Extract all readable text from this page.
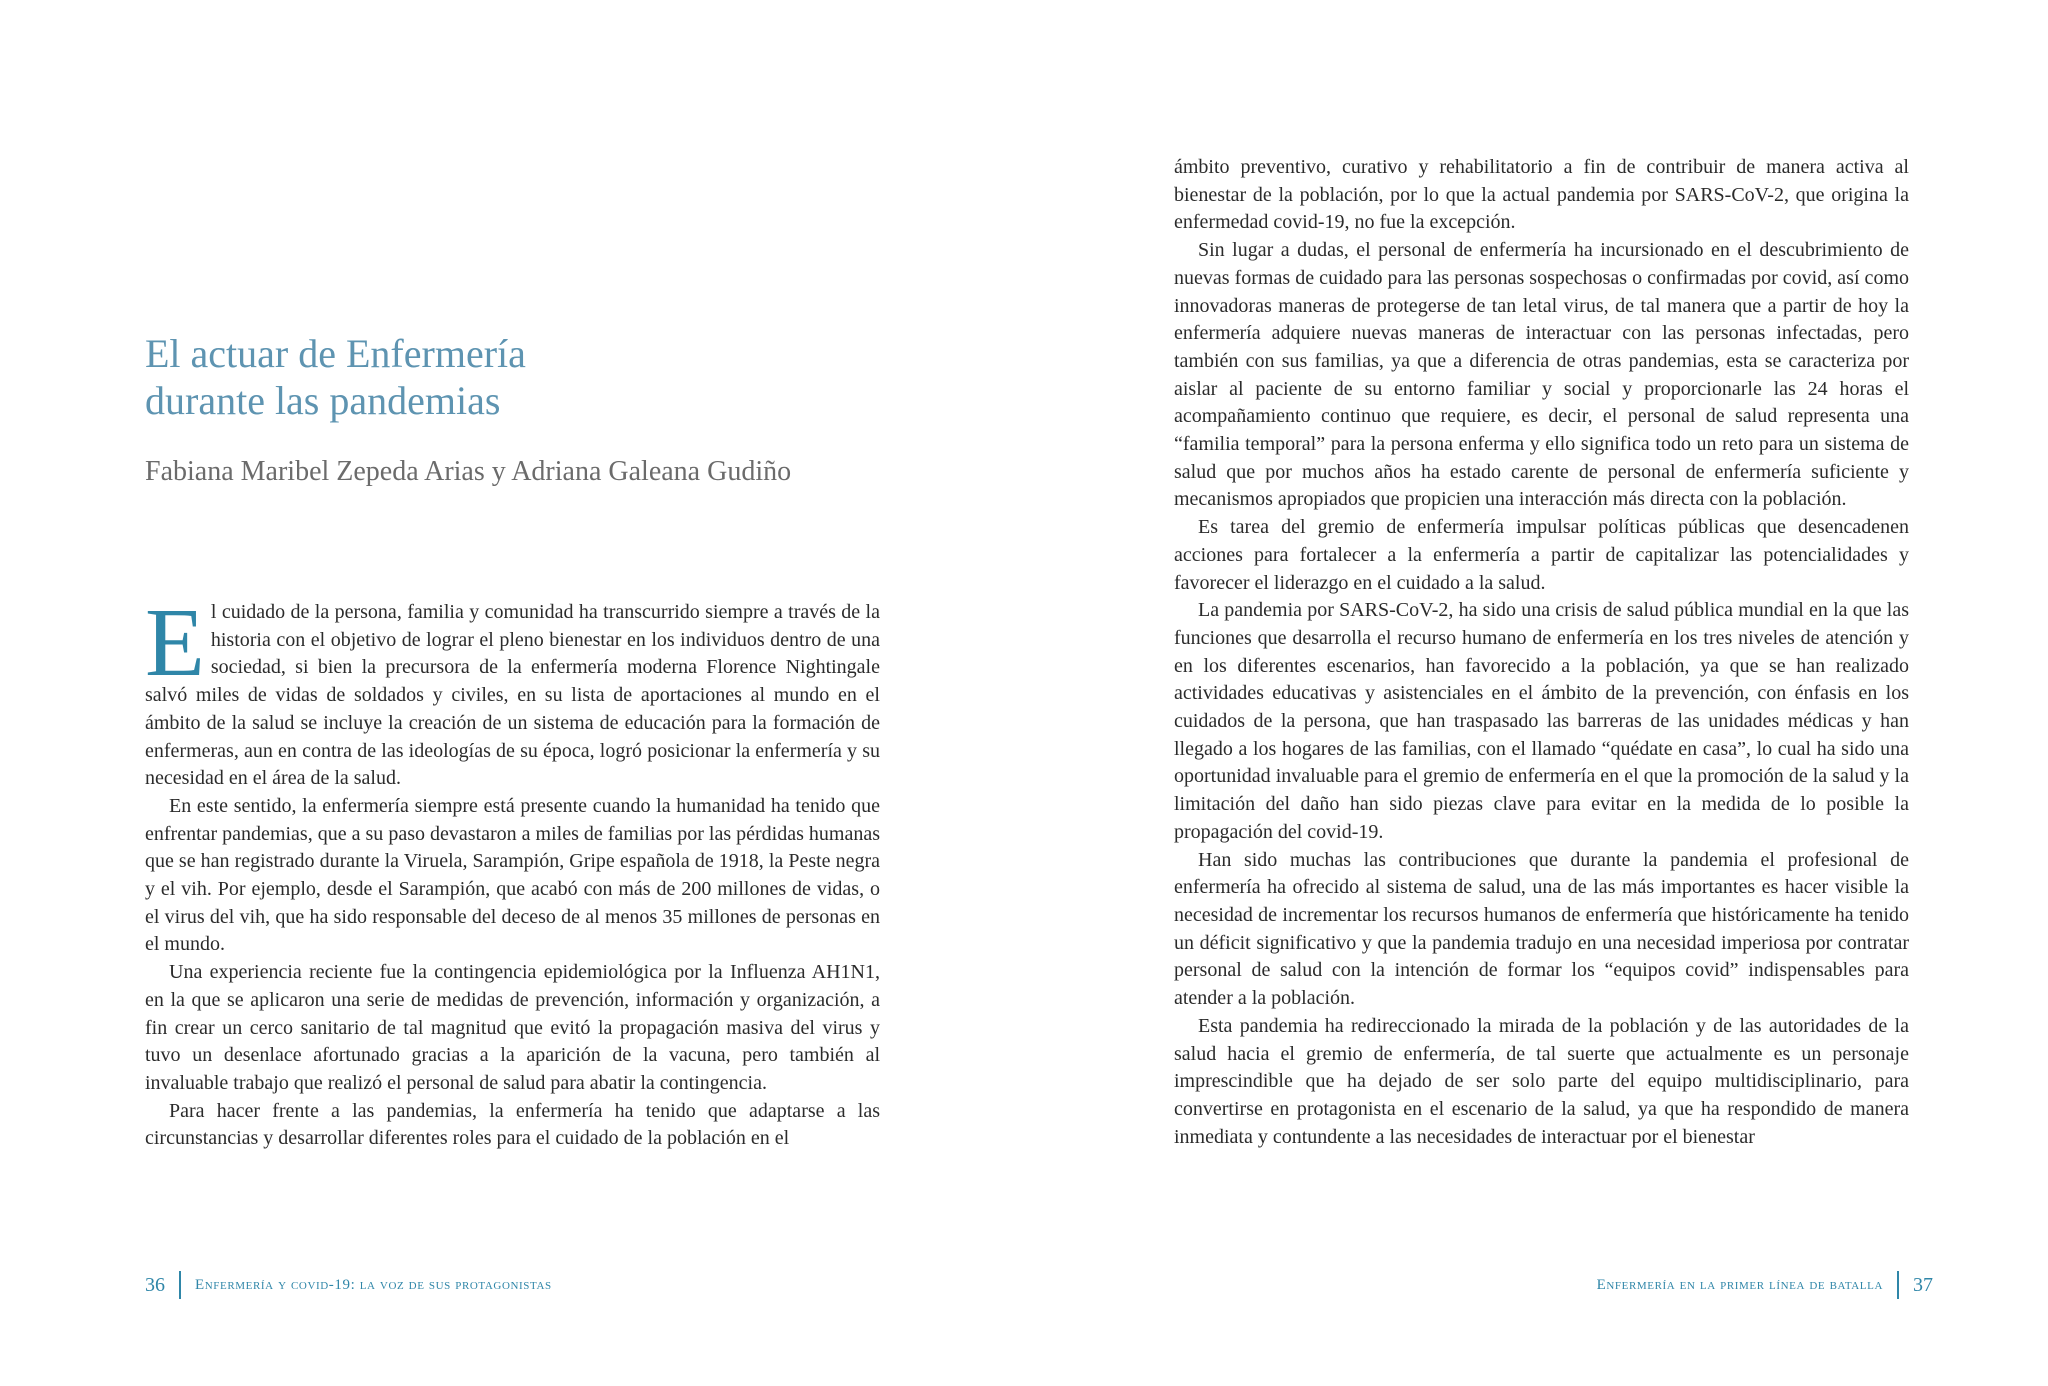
El actuar de Enfermería
durante las pandemias

Fabiana Maribel Zepeda Arias y Adriana Galeana Gudiño

El cuidado de la persona, familia y comunidad ha transcurrido siempre a través de la historia con el objetivo de lograr el pleno bienestar en los individuos dentro de una sociedad, si bien la precursora de la enfermería moderna Florence Nightingale salvó miles de vidas de soldados y civiles, en su lista de aportaciones al mundo en el ámbito de la salud se incluye la creación de un sistema de educación para la formación de enfermeras, aun en contra de las ideologías de su época, logró posicionar la enfermería y su necesidad en el área de la salud.

En este sentido, la enfermería siempre está presente cuando la humanidad ha tenido que enfrentar pandemias, que a su paso devastaron a miles de familias por las pérdidas humanas que se han registrado durante la Viruela, Sarampión, Gripe española de 1918, la Peste negra y el vih. Por ejemplo, desde el Sarampión, que acabó con más de 200 millones de vidas, o el virus del vih, que ha sido responsable del deceso de al menos 35 millones de personas en el mundo.

Una experiencia reciente fue la contingencia epidemiológica por la Influenza AH1N1, en la que se aplicaron una serie de medidas de prevención, información y organización, a fin crear un cerco sanitario de tal magnitud que evitó la propagación masiva del virus y tuvo un desenlace afortunado gracias a la aparición de la vacuna, pero también al invaluable trabajo que realizó el personal de salud para abatir la contingencia.

Para hacer frente a las pandemias, la enfermería ha tenido que adaptarse a las circunstancias y desarrollar diferentes roles para el cuidado de la población en el

36 Enfermería y covid-19: la voz de sus protagonistas

ámbito preventivo, curativo y rehabilitatorio a fin de contribuir de manera activa al bienestar de la población, por lo que la actual pandemia por SARS-CoV-2, que origina la enfermedad covid-19, no fue la excepción.

Sin lugar a dudas, el personal de enfermería ha incursionado en el descubrimiento de nuevas formas de cuidado para las personas sospechosas o confirmadas por covid, así como innovadoras maneras de protegerse de tan letal virus, de tal manera que a partir de hoy la enfermería adquiere nuevas maneras de interactuar con las personas infectadas, pero también con sus familias, ya que a diferencia de otras pandemias, esta se caracteriza por aislar al paciente de su entorno familiar y social y proporcionarle las 24 horas el acompañamiento continuo que requiere, es decir, el personal de salud representa una “familia temporal” para la persona enferma y ello significa todo un reto para un sistema de salud que por muchos años ha estado carente de personal de enfermería suficiente y mecanismos apropiados que propicien una interacción más directa con la población.

Es tarea del gremio de enfermería impulsar políticas públicas que desencadenen acciones para fortalecer a la enfermería a partir de capitalizar las potencialidades y favorecer el liderazgo en el cuidado a la salud.

La pandemia por SARS-CoV-2, ha sido una crisis de salud pública mundial en la que las funciones que desarrolla el recurso humano de enfermería en los tres niveles de atención y en los diferentes escenarios, han favorecido a la población, ya que se han realizado actividades educativas y asistenciales en el ámbito de la prevención, con énfasis en los cuidados de la persona, que han traspasado las barreras de las unidades médicas y han llegado a los hogares de las familias, con el llamado “quédate en casa”, lo cual ha sido una oportunidad invaluable para el gremio de enfermería en el que la promoción de la salud y la limitación del daño han sido piezas clave para evitar en la medida de lo posible la propagación del covid-19.

Han sido muchas las contribuciones que durante la pandemia el profesional de enfermería ha ofrecido al sistema de salud, una de las más importantes es hacer visible la necesidad de incrementar los recursos humanos de enfermería que históricamente ha tenido un déficit significativo y que la pandemia tradujo en una necesidad imperiosa por contratar personal de salud con la intención de formar los “equipos covid” indispensables para atender a la población.

Esta pandemia ha redireccionado la mirada de la población y de las autoridades de la salud hacia el gremio de enfermería, de tal suerte que actualmente es un personaje imprescindible que ha dejado de ser solo parte del equipo multidisciplinario, para convertirse en protagonista en el escenario de la salud, ya que ha respondido de manera inmediata y contundente a las necesidades de interactuar por el bienestar

Enfermería en la primer línea de batalla 37
